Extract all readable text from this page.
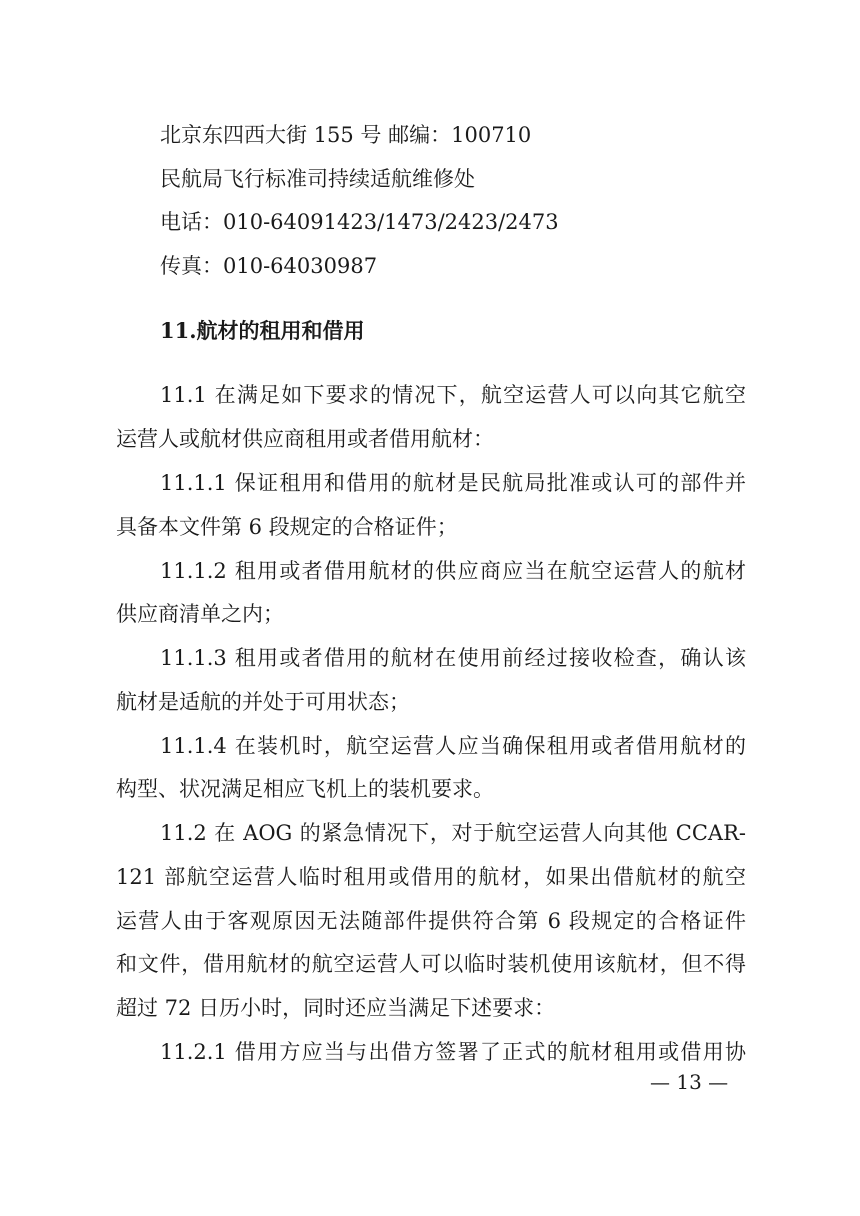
北京东四西大街 155 号 邮编：100710
民航局飞行标准司持续适航维修处
电话：010-64091423/1473/2423/2473
传真：010-64030987
11.航材的租用和借用
11.1 在满足如下要求的情况下，航空运营人可以向其它航空
运营人或航材供应商租用或者借用航材：
11.1.1 保证租用和借用的航材是民航局批准或认可的部件并
具备本文件第 6 段规定的合格证件；
11.1.2 租用或者借用航材的供应商应当在航空运营人的航材
供应商清单之内；
11.1.3 租用或者借用的航材在使用前经过接收检查，确认该
航材是适航的并处于可用状态；
11.1.4 在装机时，航空运营人应当确保租用或者借用航材的
构型、状况满足相应飞机上的装机要求。
11.2 在 AOG 的紧急情况下，对于航空运营人向其他 CCAR-
121 部航空运营人临时租用或借用的航材，如果出借航材的航空
运营人由于客观原因无法随部件提供符合第 6 段规定的合格证件
和文件，借用航材的航空运营人可以临时装机使用该航材，但不得
超过 72 日历小时，同时还应当满足下述要求：
11.2.1 借用方应当与出借方签署了正式的航材租用或借用协
— 13 —
